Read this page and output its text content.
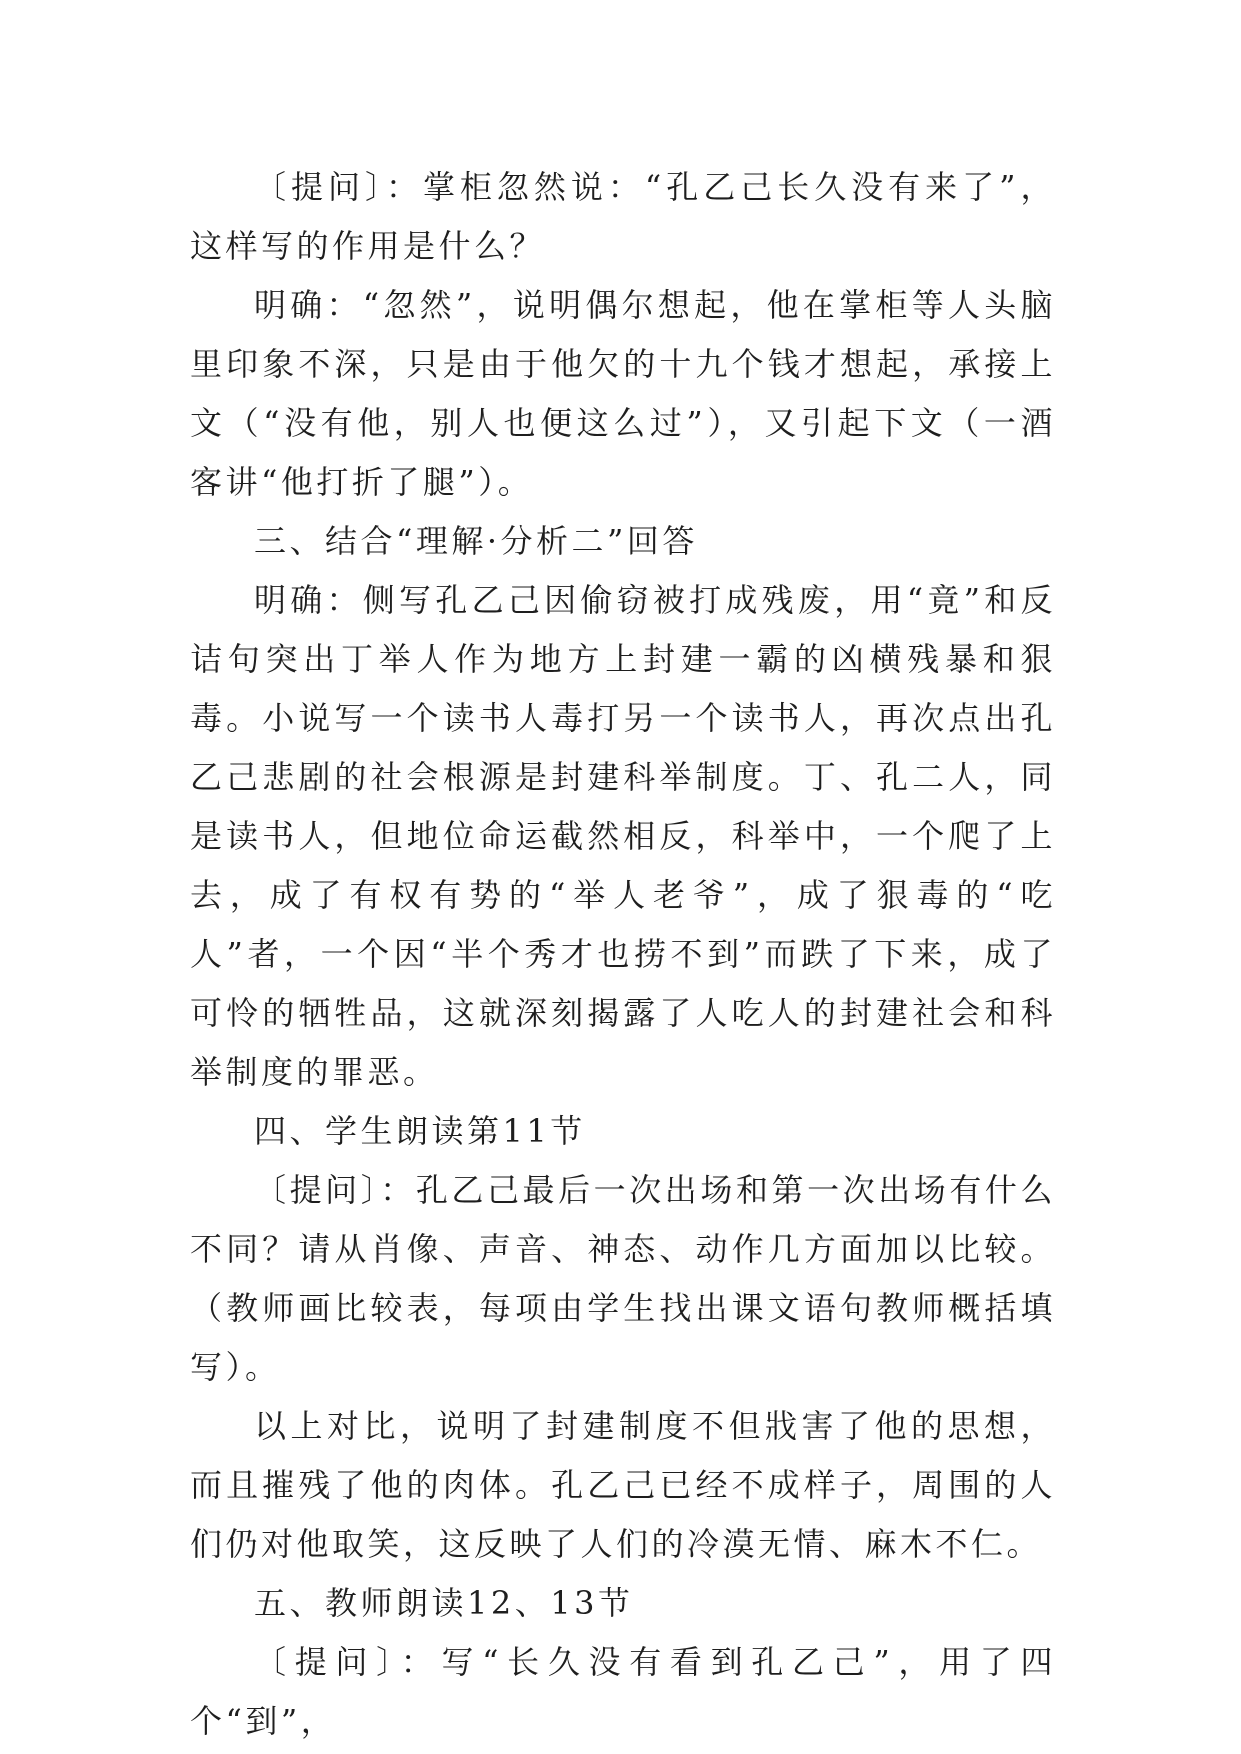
〔提问〕：掌柜忽然说：“孔乙己长久没有来了”，这样写的作用是什么？

明确：“忽然”，说明偶尔想起，他在掌柜等人头脑里印象不深，只是由于他欠的十九个钱才想起，承接上文（“没有他，别人也便这么过”），又引起下文（一酒客讲“他打折了腿”）。

三、结合“理解·分析二”回答

明确：侧写孔乙己因偷窃被打成残废，用“竟”和反诘句突出丁举人作为地方上封建一霸的凶横残暴和狠毒。小说写一个读书人毒打另一个读书人，再次点出孔乙己悲剧的社会根源是封建科举制度。丁、孔二人，同是读书人，但地位命运截然相反，科举中，一个爬了上去，成了有权有势的“举人老爷”，成了狠毒的“吃人”者，一个因“半个秀才也捞不到”而跌了下来，成了可怜的牺牲品，这就深刻揭露了人吃人的封建社会和科举制度的罪恶。

四、学生朗读第11节

〔提问〕：孔乙己最后一次出场和第一次出场有什么不同？请从肖像、声音、神态、动作几方面加以比较。（教师画比较表，每项由学生找出课文语句教师概括填写）。

以上对比，说明了封建制度不但戕害了他的思想，而且摧残了他的肉体。孔乙己已经不成样子，周围的人们仍对他取笑，这反映了人们的冷漠无情、麻木不仁。

五、教师朗读12、13节

〔提问〕：写“长久没有看到孔乙己”，用了四个“到”，
